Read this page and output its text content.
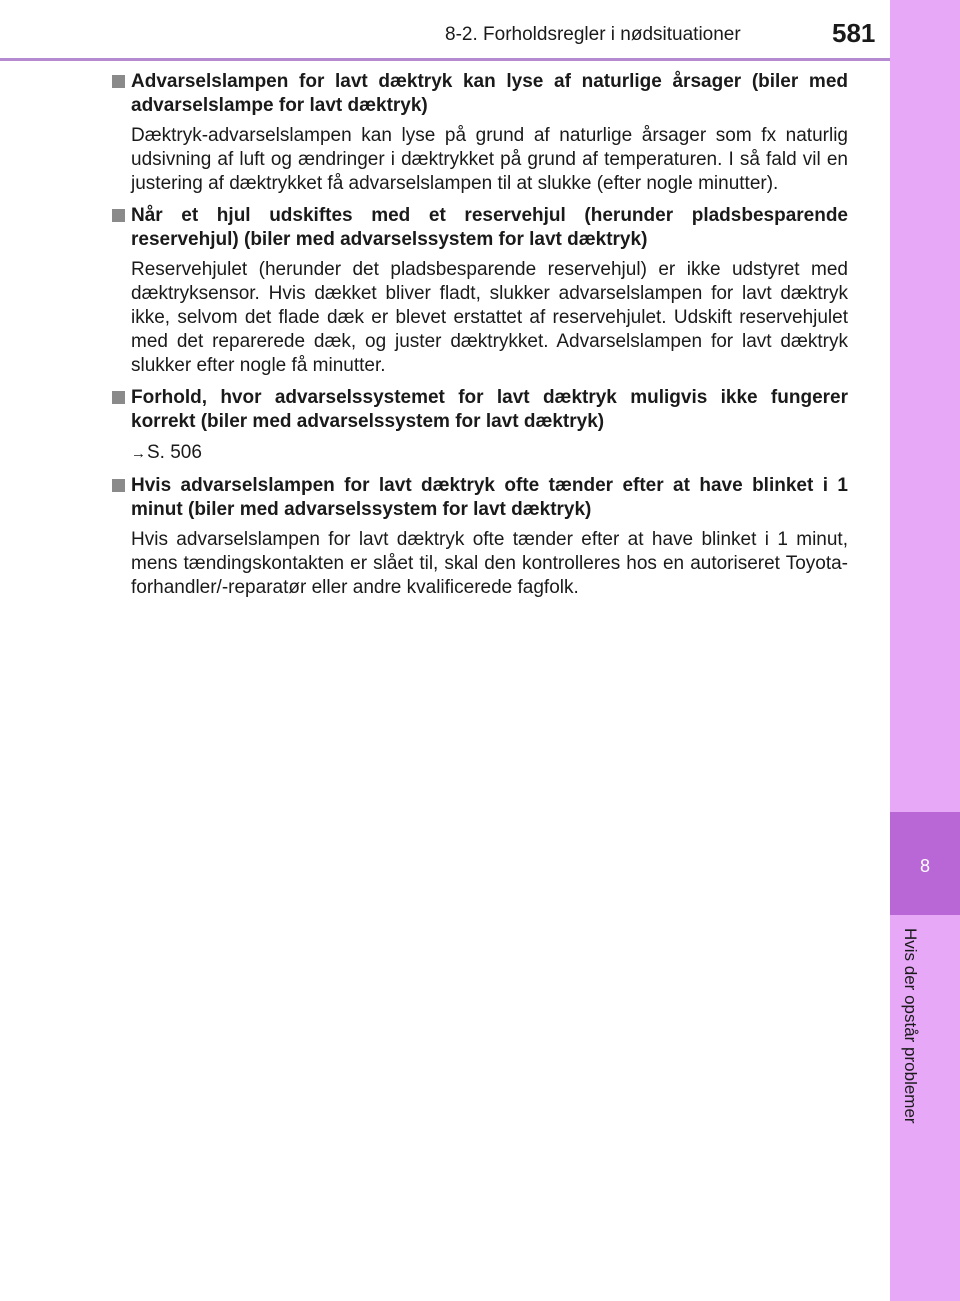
8-2. Forholdsregler i nødsituationer	581
8
Hvis der opstår problemer

Advarselslampen for lavt dæktryk kan lyse af naturlige årsager (biler med advarselslampe for lavt dæktryk)

Dæktryk-advarselslampen kan lyse på grund af naturlige årsager som fx naturlig udsivning af luft og ændringer i dæktrykket på grund af temperaturen. I så fald vil en justering af dæktrykket få advarselslampen til at slukke (efter nogle minutter).

Når et hjul udskiftes med et reservehjul (herunder pladsbesparende reservehjul) (biler med advarselssystem for lavt dæktryk)

Reservehjulet (herunder det pladsbesparende reservehjul) er ikke udstyret med dæktryksensor. Hvis dækket bliver fladt, slukker advarselslampen for lavt dæktryk ikke, selvom det flade dæk er blevet erstattet af reservehjulet. Udskift reservehjulet med det reparerede dæk, og juster dæktrykket. Advarselslampen for lavt dæktryk slukker efter nogle få minutter.

Forhold, hvor advarselssystemet for lavt dæktryk muligvis ikke fungerer korrekt (biler med advarselssystem for lavt dæktryk)

→S. 506

Hvis advarselslampen for lavt dæktryk ofte tænder efter at have blinket i 1 minut (biler med advarselssystem for lavt dæktryk)

Hvis advarselslampen for lavt dæktryk ofte tænder efter at have blinket i 1 minut, mens tændingskontakten er slået til, skal den kontrolleres hos en autoriseret Toyota-forhandler/-reparatør eller andre kvalificerede fagfolk.
